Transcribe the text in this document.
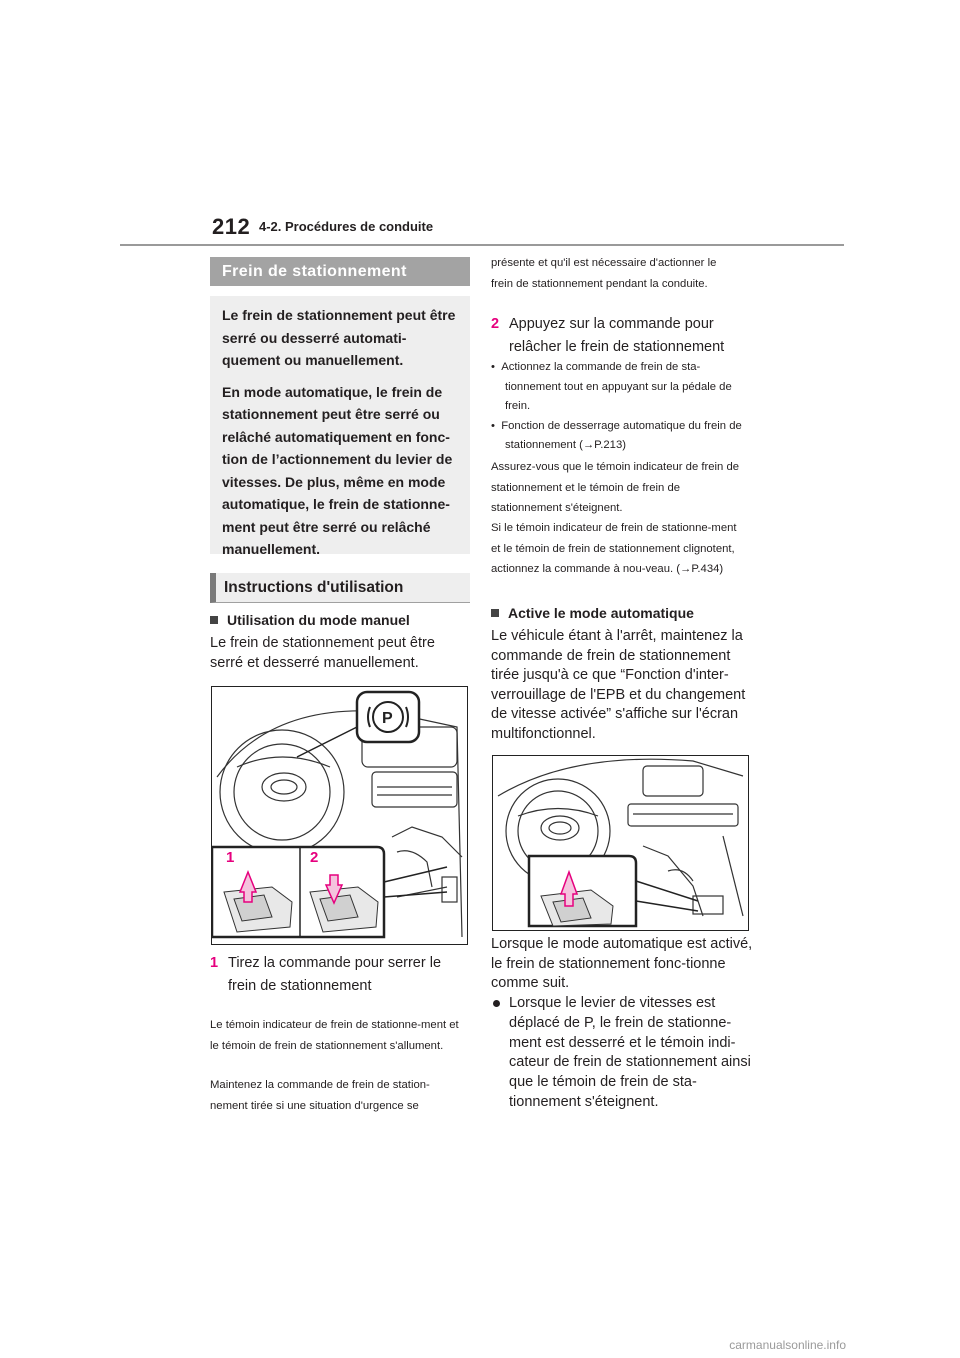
212 4-2. Procédures de conduite
Frein de stationnement

Le frein de stationnement peut être serré ou desserré automati-quement ou manuellement.

En mode automatique, le frein de stationnement peut être serré ou relâché automatiquement en fonc-tion de l’actionnement du levier de vitesses. De plus, même en mode automatique, le frein de stationne-ment peut être serré ou relâché manuellement.

Instructions d'utilisation
Utilisation du mode manuel
Le frein de stationnement peut être serré et desserré manuellement.
P
1	2
1 Tirez la commande pour serrer le
frein de stationnement
Le témoin indicateur de frein de stationne-ment et le témoin de frein de stationnement s'allument.
Maintenez la commande de frein de station-nement tirée si une situation d'urgence se
présente et qu'il est nécessaire d'actionner le frein de stationnement pendant la conduite.
2 Appuyez sur la commande pour
relâcher le frein de stationnement
•  Actionnez la commande de frein de sta-tionnement tout en appuyant sur la pédale de frein.
•  Fonction de desserrage automatique du frein de stationnement (→P.213)
Assurez-vous que le témoin indicateur de frein de stationnement et le témoin de frein de stationnement s'éteignent.
Si le témoin indicateur de frein de stationne-ment et le témoin de frein de stationnement clignotent, actionnez la commande à nou-veau. (→P.434)
Active le mode automatique
Le véhicule étant à l'arrêt, maintenez la commande de frein de stationnement tirée jusqu'à ce que “Fonction d'inter-verrouillage de l'EPB et du changement de vitesse activée” s'affiche sur l'écran multifonctionnel.
Lorsque le mode automatique est activé, le frein de stationnement fonc-tionne comme suit.
Lorsque le levier de vitesses est déplacé de P, le frein de stationne-ment est desserré et le témoin indi-cateur de frein de stationnement ainsi que le témoin de frein de sta-tionnement s'éteignent.
carmanualsonline.info
